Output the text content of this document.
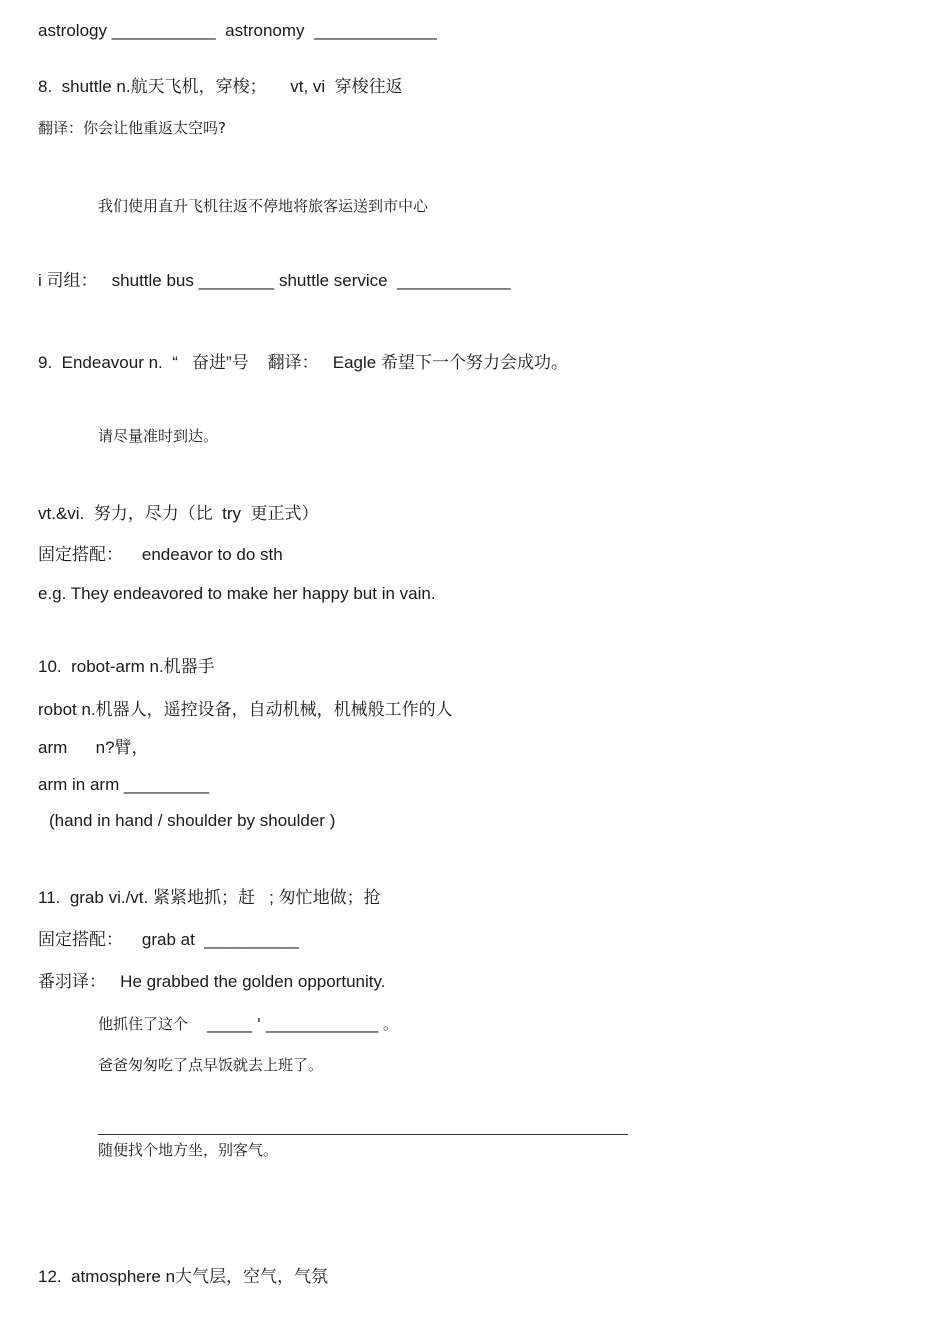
astrology ___________  astronomy  _____________
8.  shuttle n.航天飞机，穿梭；     vt, vi  穿梭往返
翻译：你会让他重返太空吗?
我们使用直升飞机往返不停地将旅客运送到市中心
i 司组：   shuttle bus ________ shuttle service  ____________
9.  Endeavour n.  “   奋进”号    翻译：   Eagle 希望下一个努力会成功。
请尽量准时到达。
vt.&vi.  努力，尽力（比  try  更正式）
固定搭配：    endeavor to do sth
e.g. They endeavored to make her happy but in vain.
10.  robot-arm n.机器手
robot n.机器人，遥控设备，自动机械，机械般工作的人
arm      n?臂，
arm in arm _________
(hand in hand / shoulder by shoulder )
11.  grab vi./vt. 紧紧地抓；赶   ; 匆忙地做；抢
固定搭配：    grab at  __________
番羽译：   He grabbed the golden opportunity.
他抓住了这个    ______ ' _______________ 。
爸爸匆匆吃了点早饭就去上班了。
随便找个地方坐，别客气。
12.  atmosphere n大气层，空气，气氛
